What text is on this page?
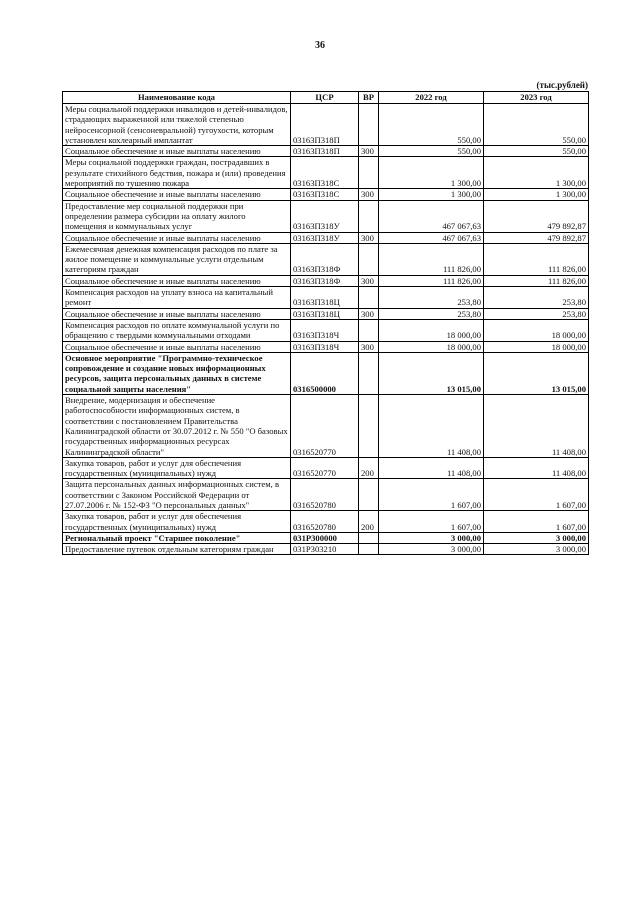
36
(тыс.рублей)
Наименование кода	ЦСР	ВР	2022 год	2023 год
Меры социальной поддержки инвалидов и детей-инвалидов, страдающих выраженной или тяжелой степенью нейросенсорной (сенсоневральной) тугоухости, которым установлен кохлеарный имплантат	03163П318П		550,00	550,00
Социальное обеспечение и иные выплаты населению	03163П318П	300	550,00	550,00
Меры социальной поддержки граждан, пострадавших в результате стихийного бедствия, пожара и (или) проведения мероприятий по тушению пожара	03163П318С		1 300,00	1 300,00
Социальное обеспечение и иные выплаты населению	03163П318С	300	1 300,00	1 300,00
Предоставление мер социальной поддержки при определении размера субсидии на оплату жилого помещения и коммунальных услуг	03163П318У		467 067,63	479 892,87
Социальное обеспечение и иные выплаты населению	03163П318У	300	467 067,63	479 892,87
Ежемесячная денежная компенсация расходов по плате за жилое помещение и коммунальные услуги отдельным категориям граждан	03163П318Ф		111 826,00	111 826,00
Социальное обеспечение и иные выплаты населению	03163П318Ф	300	111 826,00	111 826,00
Компенсация расходов на уплату взноса на капитальный ремонт	03163П318Ц		253,80	253,80
Социальное обеспечение и иные выплаты населению	03163П318Ц	300	253,80	253,80
Компенсация расходов по оплате коммунальной услуги по обращению с твердыми коммунальными отходами	03163П318Ч		18 000,00	18 000,00
Социальное обеспечение и иные выплаты населению	03163П318Ч	300	18 000,00	18 000,00
Основное мероприятие "Программно-техническое сопровождение и создание новых информационных ресурсов, защита персональных данных в системе социальной защиты населения"	0316500000		13 015,00	13 015,00
Внедрение, модернизация и обеспечение работоспособности информационных систем, в соответствии с постановлением Правительства Калининградской области от 30.07.2012 г. № 550 "О базовых государственных информационных ресурсах Калининградской области"	0316520770		11 408,00	11 408,00
Закупка товаров, работ и услуг для обеспечения государственных (муниципальных) нужд	0316520770	200	11 408,00	11 408,00
Защита персональных данных информационных систем, в соответствии с Законом Российской Федерации от 27.07.2006 г. № 152-ФЗ "О персональных данных"	0316520780		1 607,00	1 607,00
Закупка товаров, работ и услуг для обеспечения государственных (муниципальных) нужд	0316520780	200	1 607,00	1 607,00
Региональный проект "Старшее поколение"	031Р300000		3 000,00	3 000,00
Предоставление путевок отдельным категориям граждан	031Р303210		3 000,00	3 000,00
